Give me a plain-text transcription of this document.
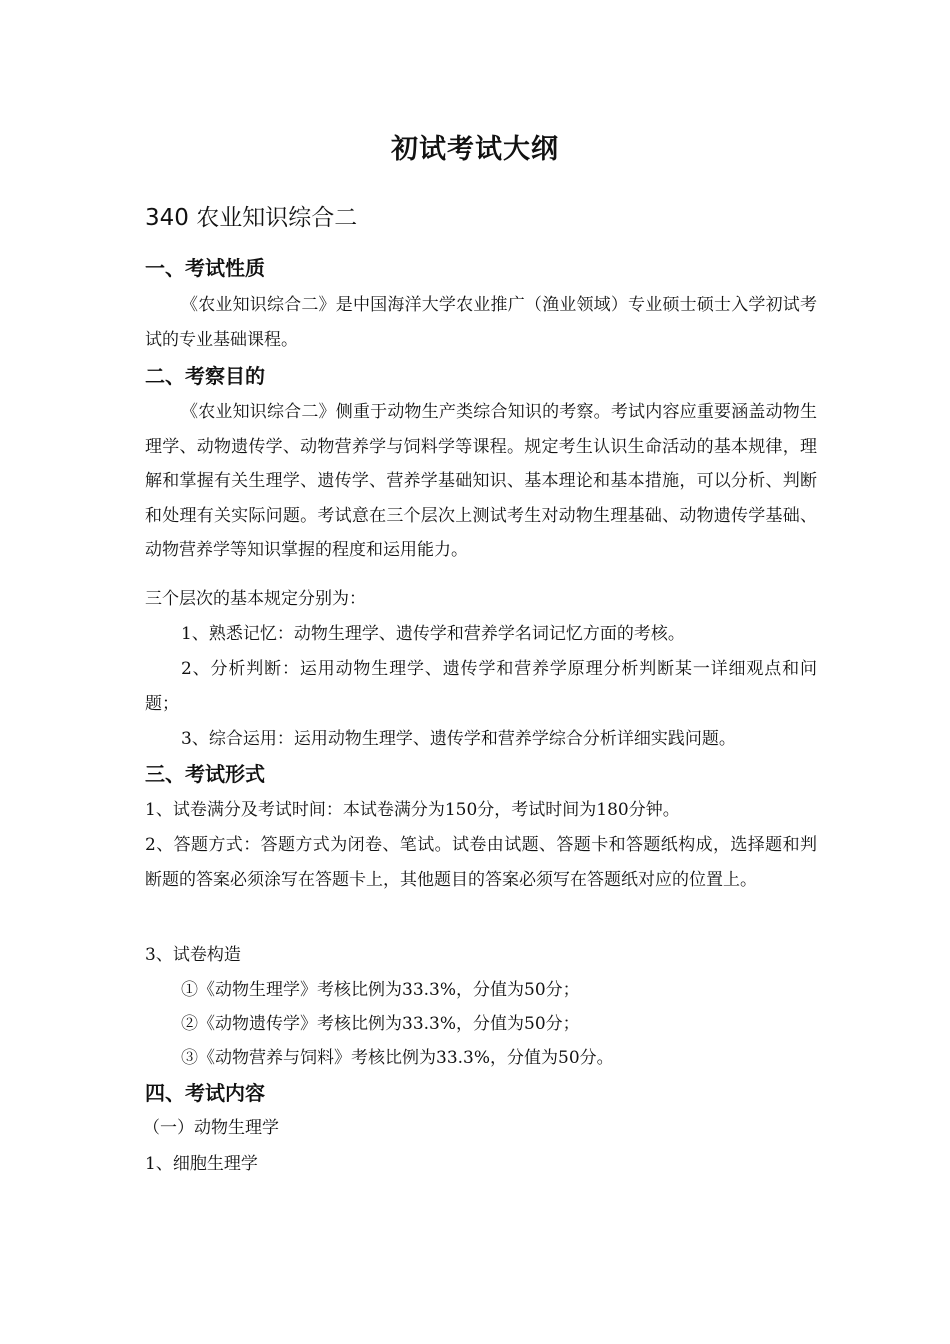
初试考试大纲
340 农业知识综合二
一、考试性质
《农业知识综合二》是中国海洋大学农业推广（渔业领域）专业硕士硕士入学初试考试的专业基础课程。
二、考察目的
《农业知识综合二》侧重于动物生产类综合知识的考察。考试内容应重要涵盖动物生理学、动物遗传学、动物营养学与饲料学等课程。规定考生认识生命活动的基本规律，理解和掌握有关生理学、遗传学、营养学基础知识、基本理论和基本措施，可以分析、判断和处理有关实际问题。考试意在三个层次上测试考生对动物生理基础、动物遗传学基础、动物营养学等知识掌握的程度和运用能力。
三个层次的基本规定分别为：
1、熟悉记忆：动物生理学、遗传学和营养学名词记忆方面的考核。
2、分析判断：运用动物生理学、遗传学和营养学原理分析判断某一详细观点和问题；
3、综合运用：运用动物生理学、遗传学和营养学综合分析详细实践问题。
三、考试形式
1、试卷满分及考试时间：本试卷满分为150分，考试时间为180分钟。
2、答题方式：答题方式为闭卷、笔试。试卷由试题、答题卡和答题纸构成，选择题和判断题的答案必须涂写在答题卡上，其他题目的答案必须写在答题纸对应的位置上。
3、试卷构造
①《动物生理学》考核比例为33.3%，分值为50分；
②《动物遗传学》考核比例为33.3%，分值为50分；
③《动物营养与饲料》考核比例为33.3%，分值为50分。
四、考试内容
（一）动物生理学
1、细胞生理学
